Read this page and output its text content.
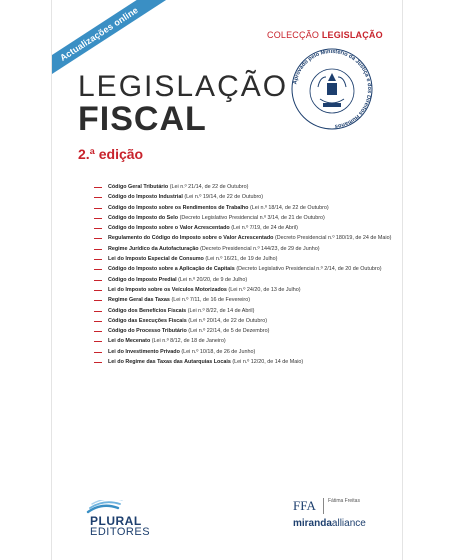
Actualizações online	COLECÇÃO LEGISLAÇÃO
Aprovado pelo Ministério da Justiça e dos Direitos Humanos
LEGISLAÇÃO
FISCAL
2.ª edição
Código Geral Tributário (Lei n.º 21/14, de 22 de Outubro)
Código do Imposto Industrial (Lei n.º 19/14, de 22 de Outubro)
Código do Imposto sobre os Rendimentos de Trabalho (Lei n.º 18/14, de 22 de Outubro)
Código do Imposto do Selo (Decreto Legislativo Presidencial n.º 3/14, de 21 de Outubro)
Código do Imposto sobre o Valor Acrescentado (Lei n.º 7/19, de 24 de Abril)
Regulamento do Código do Imposto sobre o Valor Acrescentado (Decreto Presidencial n.º 180/19, de 24 de Maio)
Regime Jurídico da Autofacturação (Decreto Presidencial n.º 144/23, de 29 de Junho)
Lei do Imposto Especial de Consumo (Lei n.º 16/21, de 19 de Julho)
Código do Imposto sobre a Aplicação de Capitais (Decreto Legislativo Presidencial n.º 2/14, de 20 de Outubro)
Código do Imposto Predial (Lei n.º 20/20, de 9 de Julho)
Lei do Imposto sobre os Veículos Motorizados (Lei n.º 24/20, de 13 de Julho)
Regime Geral das Taxas (Lei n.º 7/11, de 16 de Fevereiro)
Código dos Benefícios Fiscais (Lei n.º 8/22, de 14 de Abril)
Código das Execuções Fiscais (Lei n.º 20/14, de 22 de Outubro)
Código do Processo Tributário (Lei n.º 22/14, de 5 de Dezembro)
Lei do Mecenato (Lei n.º 8/12, de 18 de Janeiro)
Lei do Investimento Privado (Lei n.º 10/18, de 26 de Junho)
Lei do Regime das Taxas das Autarquias Locais (Lei n.º 12/20, de 14 de Maio)
PLURAL
EDITORES
FFA Fátima Freitas
mirandaalliance
